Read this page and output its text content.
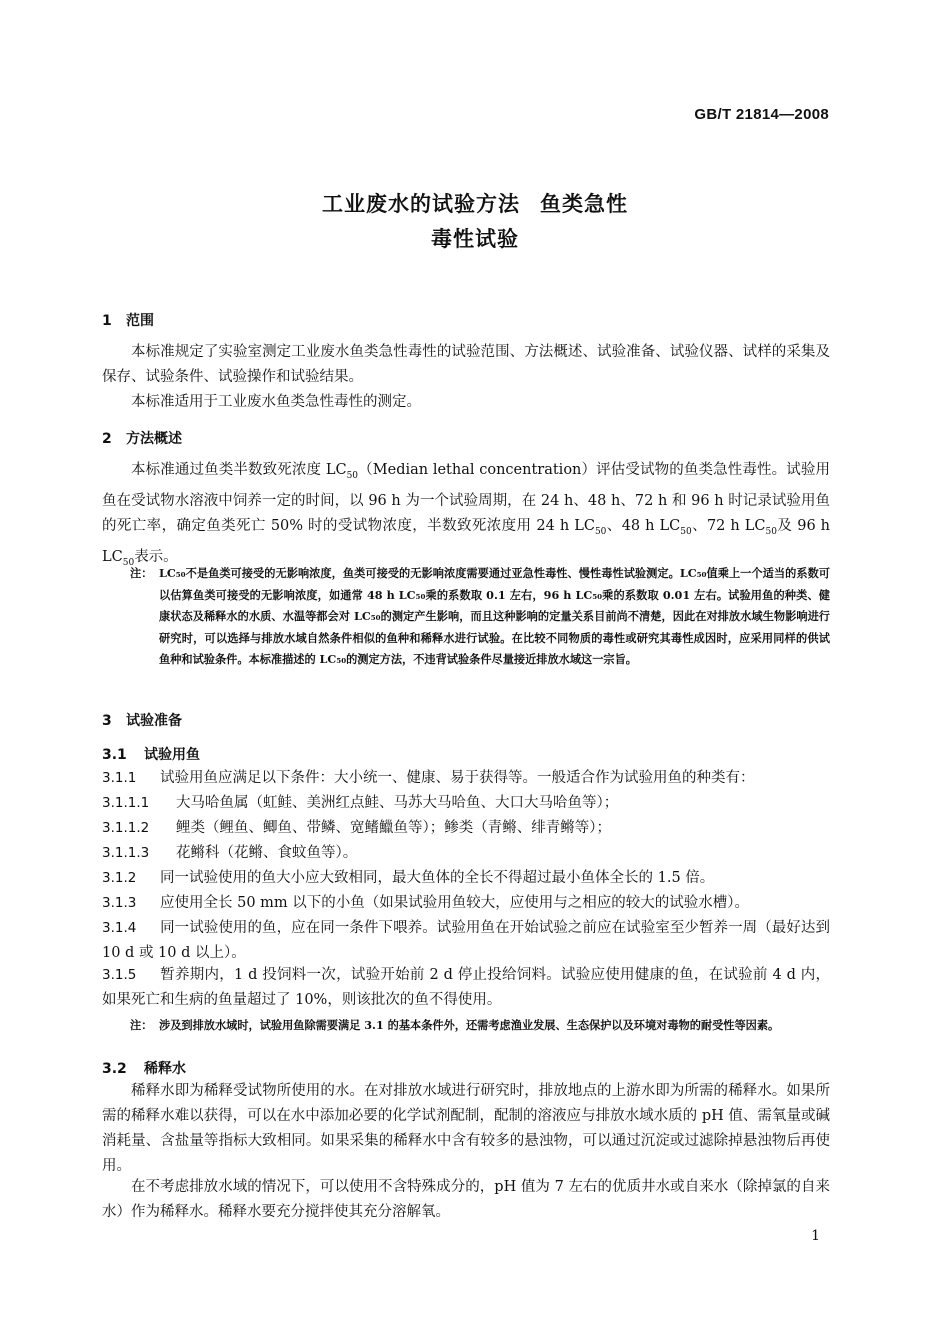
GB/T 21814—2008
工业废水的试验方法 鱼类急性
毒性试验
1 范围
本标准规定了实验室测定工业废水鱼类急性毒性的试验范围、方法概述、试验准备、试验仪器、试样的采集及保存、试验条件、试验操作和试验结果。
本标准适用于工业废水鱼类急性毒性的测定。
2 方法概述
本标准通过鱼类半数致死浓度 $LC_{50}(Median$ lethal concentration）评估受试物的鱼类急性毒性。试验用鱼在受试物水溶液中饲养一定的时间，以 96 h 为一个试验周期，在 24 h、48 h、72 h 和 96 h 时记录试验用鱼的死亡率，确定鱼类死亡 50% 时的受试物浓度，半数致死浓度用 24 h $LC_{50}$、48 h $LC_{50}$、72 h $LC_{50}$及 96 h $LC_{50}$表示。
注： LC₅₀不是鱼类可接受的无影响浓度，鱼类可接受的无影响浓度需要通过亚急性毒性、慢性毒性试验测定。LC₅₀值乘上一个适当的系数可以估算鱼类可接受的无影响浓度，如通常 48 h LC₅₀乘的系数取 0.1 左右，96 h LC₅₀乘的系数取 0.01 左右。试验用鱼的种类、健康状态及稀释水的水质、水温等都会对 LC₅₀的测定产生影响，而且这种影响的定量关系目前尚不清楚，因此在对排放水域生物影响进行研究时，可以选择与排放水域自然条件相似的鱼种和稀释水进行试验。在比较不同物质的毒性或研究其毒性成因时，应采用同样的供试鱼种和试验条件。本标准描述的 LC₅₀的测定方法，不违背试验条件尽量接近排放水域这一宗旨。
3 试验准备
3.1 试验用鱼
3.1.1 试验用鱼应满足以下条件：大小统一、健康、易于获得等。一般适合作为试验用鱼的种类有：
3.1.1.1 大马哈鱼属（虹鲑、美洲红点鲑、马苏大马哈鱼、大口大马哈鱼等）；
3.1.1.2 鲤类（鲤鱼、鲫鱼、带鳞、宽鳍鱲鱼等）；鲹类（青鳉、绯青鳉等）；
3.1.1.3 花鳉科（花鳉、食蚊鱼等）。
3.1.2 同一试验使用的鱼大小应大致相同，最大鱼体的全长不得超过最小鱼体全长的 1.5 倍。
3.1.3 应使用全长 50 mm 以下的小鱼（如果试验用鱼较大，应使用与之相应的较大的试验水槽）。
3.1.4 同一试验使用的鱼，应在同一条件下喂养。试验用鱼在开始试验之前应在试验室至少暂养一周（最好达到 10 d 或 10 d 以上）。
3.1.5 暂养期内，1 d 投饲料一次，试验开始前 2 d 停止投给饲料。试验应使用健康的鱼，在试验前 4 d 内，如果死亡和生病的鱼量超过了 10%，则该批次的鱼不得使用。
注： 涉及到排放水域时，试验用鱼除需要满足 3.1 的基本条件外，还需考虑渔业发展、生态保护以及环境对毒物的耐受性等因素。
3.2 稀释水
稀释水即为稀释受试物所使用的水。在对排放水域进行研究时，排放地点的上游水即为所需的稀释水。如果所需的稀释水难以获得，可以在水中添加必要的化学试剂配制，配制的溶液应与排放水域水质的 pH 值、需氧量或碱消耗量、含盐量等指标大致相同。如果采集的稀释水中含有较多的悬浊物，可以通过沉淀或过滤除掉悬浊物后再使用。
在不考虑排放水域的情况下，可以使用不含特殊成分的，pH 值为 7 左右的优质井水或自来水（除掉氯的自来水）作为稀释水。稀释水要充分搅拌使其充分溶解氧。
1
